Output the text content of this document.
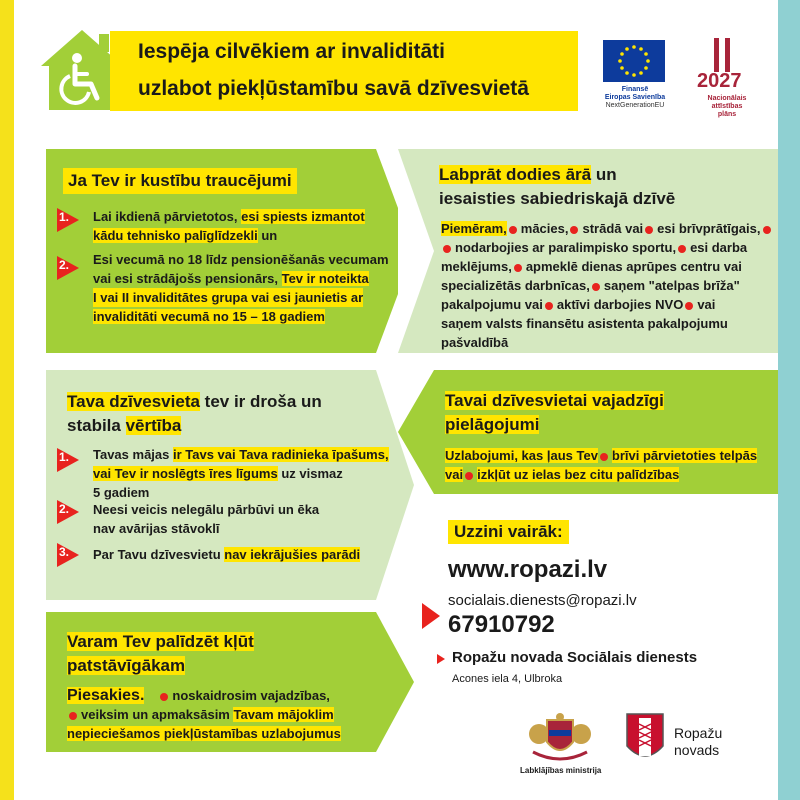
Iespēja cilvēkiem ar invaliditāti
uzlabot piekļūstamību savā dzīvesvietā	Finansē
Eiropas Savienība
NextGenerationEU
2027
Nacionālais
attīstības plāns
Ja Tev ir kustību traucējumi
1. Lai ikdienā pārvietotos, esi spiests izmantot
kādu tehnisko palīglīdzekli un
2. Esi vecumā no 18 līdz pensionēšanās vecumam
vai esi strādājošs pensionārs, Tev ir noteikta
I vai II invaliditātes grupa vai esi jaunietis ar
invaliditāti vecumā no 15 – 18 gadiem
Labprāt dodies ārā un
iesaisties sabiedriskajā dzīvē
Piemēram, mācies, strādā vai esi brīvprātīgais,
nodarbojies ar paralimpisko sportu, esi darba
meklējums, apmeklē dienas aprūpes centru vai
specializētās darbnīcas, saņem "atelpas brīža"
pakalpojumu vai aktīvi darbojies NVO vai
saņem valsts finansētu asistenta pakalpojumu
pašvaldībā
Tava dzīvesvieta tev ir droša un
stabila vērtība
1. Tavas mājas ir Tavs vai Tava radinieka īpašums,
vai Tev ir noslēgts īres līgums uz vismaz
5 gadiem
2. Neesi veicis nelegālu pārbūvi un ēka
nav avārijas stāvoklī
3. Par Tavu dzīvesvietu nav iekrājušies parādi
Tavai dzīvesvietai vajadzīgi
pielāgojumi
Uzlabojumi, kas ļaus Tev brīvi pārvietoties telpās
vai izkļūt uz ielas bez citu palīdzības
Varam Tev palīdzēt kļūt
patstāvīgākam
Piesakies. noskaidrosim vajadzības,
veiksim un apmaksāsim Tavam mājoklim
nepieciešamos piekļūstamības uzlabojumus
Uzzini vairāk:
www.ropazi.lv
socialais.dienests@ropazi.lv
67910792
Ropažu novada Sociālais dienests
Acones iela 4, Ulbroka
Labklājības ministrija
Ropažu
novads
